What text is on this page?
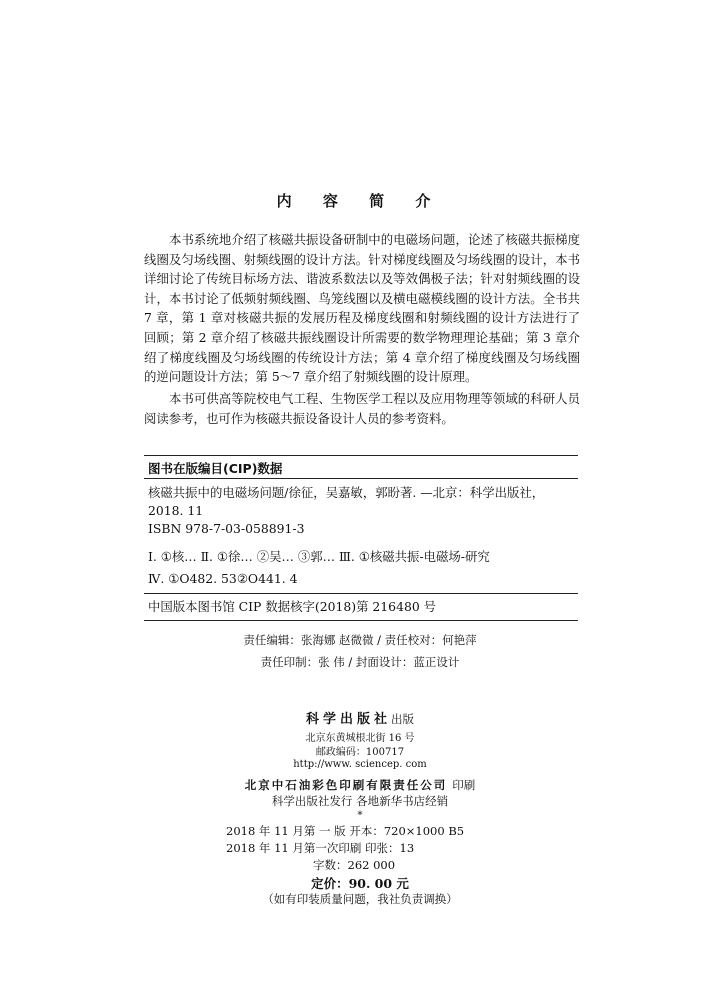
内 容 简 介
本书系统地介绍了核磁共振设备研制中的电磁场问题，论述了核磁共振梯度线圈及匀场线圈、射频线圈的设计方法。针对梯度线圈及匀场线圈的设计，本书详细讨论了传统目标场方法、谐波系数法以及等效偶极子法；针对射频线圈的设计，本书讨论了低频射频线圈、鸟笼线圈以及横电磁模线圈的设计方法。全书共 7 章，第 1 章对核磁共振的发展历程及梯度线圈和射频线圈的设计方法进行了回顾；第 2 章介绍了核磁共振线圈设计所需要的数学物理理论基础；第 3 章介绍了梯度线圈及匀场线圈的传统设计方法；第 4 章介绍了梯度线圈及匀场线圈的逆问题设计方法；第 5～7 章介绍了射频线圈的设计原理。
本书可供高等院校电气工程、生物医学工程以及应用物理等领域的科研人员阅读参考，也可作为核磁共振设备设计人员的参考资料。
图书在版编目(CIP)数据
核磁共振中的电磁场问题/徐征，吴嘉敏，郭盼著. —北京：科学出版社，
2018. 11
ISBN 978-7-03-058891-3
Ⅰ. ①核… Ⅱ. ①徐… ②吴… ③郭… Ⅲ. ①核磁共振-电磁场-研究
Ⅳ. ①O482. 53②O441. 4
中国版本图书馆 CIP 数据核字(2018)第 216480 号
责任编辑：张海娜 赵微微 / 责任校对：何艳萍
责任印制：张 伟 / 封面设计：蓝正设计
科学出版社出版
北京东黄城根北街 16 号
邮政编码：100717
http://www. sciencep. com
北京中石油彩色印刷有限责任公司 印刷
科学出版社发行 各地新华书店经销
*
2018 年 11 月第 一 版 开本：720×1000 B5
2018 年 11 月第一次印刷 印张：13
字数：262 000
定价：90. 00 元
（如有印装质量问题，我社负责调换）
